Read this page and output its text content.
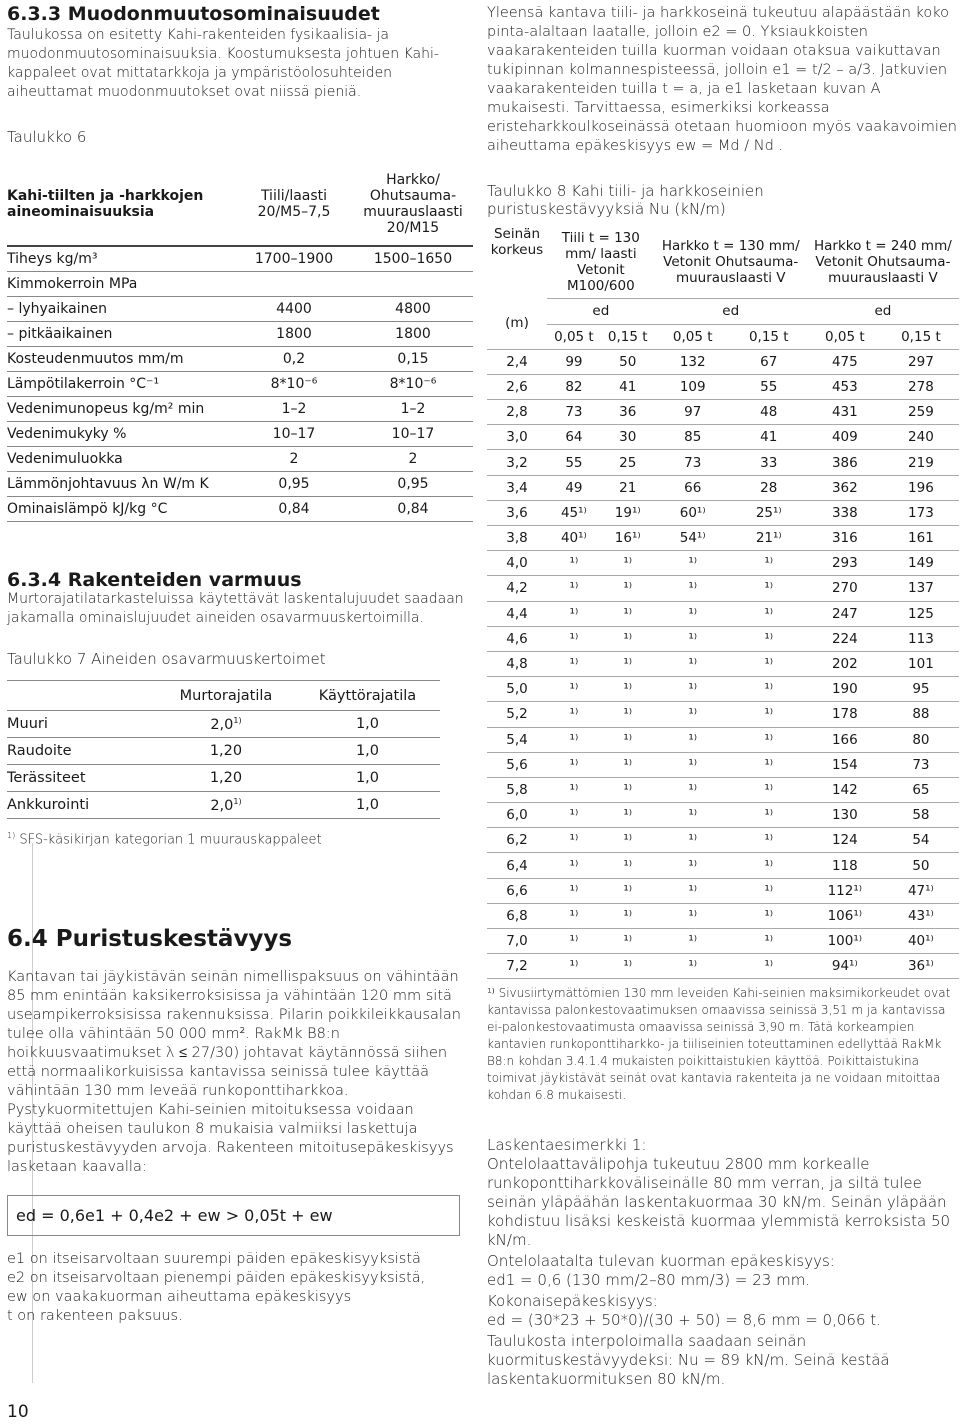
6.3.3 Muodonmuutosominaisuudet

Taulukossa on esitetty Kahi-rakenteiden fysikaalisia- ja muodonmuutosominaisuuksia. Koostumuksesta johtuen Kahi-kappaleet ovat mittatarkkoja ja ympäristöolosuhteiden aiheuttamat muodonmuutokset ovat niissä pieniä.

Taulukko 6

Kahi-tiilten ja -harkkojen aineominaisuuksia	Tiili/laasti 20/M5–7,5	Harkko/ Ohutsauma- muurauslaasti 20/M15
Tiheys kg/m³	1700–1900	1500–1650
Kimmokerroin MPa		
– lyhyaikainen	4400	4800
– pitkäaikainen	1800	1800
Kosteudenmuutos mm/m	0,2	0,15
Lämpötilakerroin °C⁻¹	8*10⁻⁶	8*10⁻⁶
Vedenimunopeus kg/m² min	1–2	1–2
Vedenimukyky %	10–17	10–17
Vedenimuluokka	2	2
Lämmönjohtavuus λn W/m K	0,95	0,95
Ominaislämpö kJ/kg °C	0,84	0,84
6.3.4 Rakenteiden varmuus

Murtorajatilatarkasteluissa käytettävät laskentalujuudet saadaan jakamalla ominaislujuudet aineiden osavarmuuskertoimilla.

Taulukko 7 Aineiden osavarmuuskertoimet

	Murtorajatila	Käyttörajatila
Muuri	2,0$^{1)}$	1,0
Raudoite	1,20	1,0
Terässiteet	1,20	1,0
Ankkurointi	2,0$^{1)}$	1,0

$^{1)}$ SFS-käsikirjan kategorian 1 muurauskappaleet

6.4 Puristuskestävyys

Kantavan tai jäykistävän seinän nimellispaksuus on vähintään 85 mm enintään kaksikerroksisissa ja vähintään 120 mm sitä useampikerroksisissa rakennuksissa. Pilarin poikkileikkausalan tulee olla vähintään 50 000 mm². RakMk B8:n hoikkuusvaatimukset λ ≤ 27/30) johtavat käytännössä siihen että normaalikorkuisissa kantavissa seinissä tulee käyttää vähintään 130 mm leveää runkoponttiharkkoa. Pystykuormitettujen Kahi-seinien mitoituksessa voidaan käyttää oheisen taulukon 8 mukaisia valmiiksi laskettuja puristuskestävyyden arvoja. Rakenteen mitoitusepäkeskisyys lasketaan kaavalla:

ed = 0,6e1 + 0,4e2 + ew > 0,05t + ew

e1 on itseisarvoltaan suurempi päiden epäkeskisyyksistä

e2 on itseisarvoltaan pienempi päiden epäkeskisyyksistä,

ew on vaakakuorman aiheuttama epäkeskisyys

t on rakenteen paksuus.

Yleensä kantava tiili- ja harkkoseinä tukeutuu alapäästään koko pinta-alaltaan laatalle, jolloin e2 = 0. Yksiaukkoisten vaakarakenteiden tuilla kuorman voidaan otaksua vaikuttavan tukipinnan kolmannespisteessä, jolloin e1 = t/2 – a/3. Jatkuvien vaakarakenteiden tuilla t = a, ja e1 lasketaan kuvan A mukaisesti. Tarvittaessa, esimerkiksi korkeassa eristeharkkoulkoseinässä otetaan huomioon myös vaakavoimien aiheuttama epäkeskisyys ew = Md / Nd .

Taulukko 8 Kahi tiili- ja harkkoseinien puristuskestävyyksiä Nu (kN/m)

Seinän korkeus	Tiili t = 130 mm/ laasti Vetonit M100/600		Harkko t = 130 mm/ Vetonit Ohutsauma- muurauslaasti V		Harkko t = 240 mm/ Vetonit Ohutsauma- muurauslaasti V	
(m)	ed		ed		ed	
	0,05 t	0,15 t	0,05 t	0,15 t	0,05 t	0,15 t
2,4	99	50	132	67	475	297
2,6	82	41	109	55	453	278
2,8	73	36	97	48	431	259
3,0	64	30	85	41	409	240
3,2	55	25	73	33	386	219
3,4	49	21	66	28	362	196
3,6	45¹⁾	19¹⁾	60¹⁾	25¹⁾	338	173
3,8	40¹⁾	16¹⁾	54¹⁾	21¹⁾	316	161
4,0	¹⁾	¹⁾	¹⁾	¹⁾	293	149
4,2	¹⁾	¹⁾	¹⁾	¹⁾	270	137
4,4	¹⁾	¹⁾	¹⁾	¹⁾	247	125
4,6	¹⁾	¹⁾	¹⁾	¹⁾	224	113
4,8	¹⁾	¹⁾	¹⁾	¹⁾	202	101
5,0	¹⁾	¹⁾	¹⁾	¹⁾	190	95
5,2	¹⁾	¹⁾	¹⁾	¹⁾	178	88
5,4	¹⁾	¹⁾	¹⁾	¹⁾	166	80
5,6	¹⁾	¹⁾	¹⁾	¹⁾	154	73
5,8	¹⁾	¹⁾	¹⁾	¹⁾	142	65
6,0	¹⁾	¹⁾	¹⁾	¹⁾	130	58
6,2	¹⁾	¹⁾	¹⁾	¹⁾	124	54
6,4	¹⁾	¹⁾	¹⁾	¹⁾	118	50
6,6	¹⁾	¹⁾	¹⁾	¹⁾	112¹⁾	47¹⁾
6,8	¹⁾	¹⁾	¹⁾	¹⁾	106¹⁾	43¹⁾
7,0	¹⁾	¹⁾	¹⁾	¹⁾	100¹⁾	40¹⁾
7,2	¹⁾	¹⁾	¹⁾	¹⁾	94¹⁾	36¹⁾

¹⁾ Sivusiirtymättömien 130 mm leveiden Kahi-seinien maksimikorkeudet ovat kantavissa palonkestovaatimuksen omaavissa seinissä 3,51 m ja kantavissa ei-palonkestovaatimusta omaavissa seinissä 3,90 m. Tätä korkeampien kantavien runkoponttiharkko- ja tiiliseinien toteuttaminen edellyttää RakMk B8:n kohdan 3.4.1.4 mukaisten poikittaistukien käyttöä. Poikittaistukina toimivat jäykistävät seinät ovat kantavia rakenteita ja ne voidaan mitoittaa kohdan 6.8 mukaisesti.

Laskentaesimerkki 1:

Ontelolaattavälipohja tukeutuu 2800 mm korkealle runkoponttiharkkoväliseinälle 80 mm verran, ja siltä tulee seinän yläpäähän laskentakuormaa 30 kN/m. Seinän yläpään kohdistuu lisäksi keskeistä kuormaa ylemmistä kerroksista 50 kN/m.

Ontelolaatalta tulevan kuorman epäkeskisyys:

ed1 = 0,6 (130 mm/2–80 mm/3) = 23 mm.

Kokonaisepäkeskisyys:

ed = (30*23 + 50*0)/(30 + 50) = 8,6 mm = 0,066 t.

Taulukosta interpoloimalla saadaan seinän kuormituskestävyydeksi: Nu = 89 kN/m. Seinä kestää laskentakuormituksen 80 kN/m.

10
